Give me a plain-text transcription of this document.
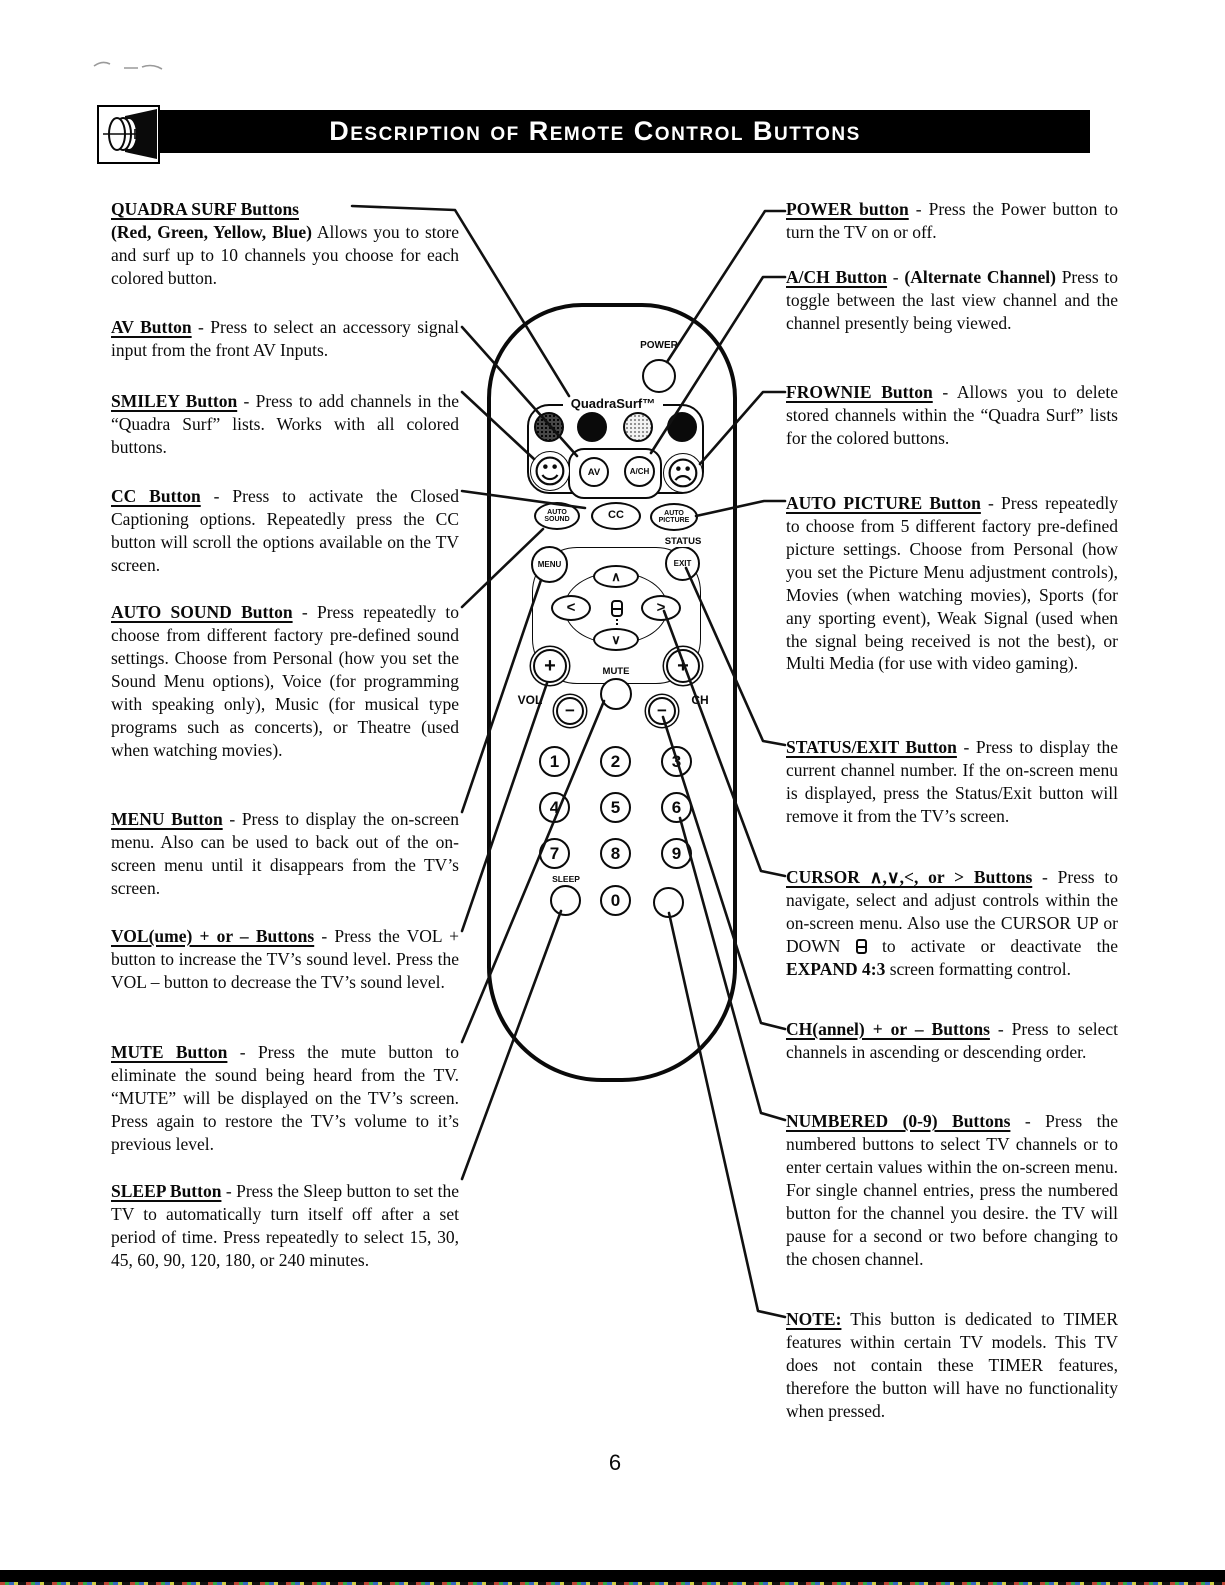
Description of Remote Control Buttons
QUADRA SURF Buttons
(Red, Green, Yellow, Blue) Allows you to store and surf up to 10 channels you choose for each colored button.
AV Button - Press to select an accessory signal input from the front AV Inputs.
SMILEY Button - Press to add channels in the “Quadra Surf” lists. Works with all colored buttons.
CC Button - Press to activate the Closed Captioning options. Repeatedly press the CC button will scroll the options available on the TV screen.
AUTO SOUND Button - Press repeatedly to choose from different factory pre-defined sound settings. Choose from Personal (how you set the Sound Menu options), Voice (for programming with speaking only), Music (for musical type programs such as concerts), or Theatre (used when watching movies).
MENU Button - Press to display the on-screen menu. Also can be used to back out of the on-screen menu until it disappears from the TV’s screen.
VOL(ume) + or – Buttons - Press the VOL + button to increase the TV’s sound level. Press the VOL – button to decrease the TV’s sound level.
MUTE Button - Press the mute button to eliminate the sound being heard from the TV. “MUTE” will be displayed on the TV’s screen. Press again to restore the TV’s volume to it’s previous level.
SLEEP Button - Press the Sleep button to set the TV to automatically turn itself off after a set period of time. Press repeatedly to select 15, 30, 45, 60, 90, 120, 180, or 240 minutes.
POWER button - Press the Power button to turn the TV on or off.
A/CH Button - (Alternate Channel) Press to toggle between the last view channel and the channel presently being viewed.
FROWNIE Button - Allows you to delete stored channels within the “Quadra Surf” lists for the colored buttons.
AUTO PICTURE Button - Press repeatedly to choose from 5 different factory pre-defined picture settings. Choose from Personal (how you set the Picture Menu adjustment controls), Movies (when watching movies), Sports (for any sporting event), Weak Signal (used when the signal being received is not the best), or Multi Media (for use with video gaming).
STATUS/EXIT Button - Press to display the current channel number. If the on-screen menu is displayed, press the Status/Exit button will remove it from the TV’s screen.
CURSOR ∧,∨,<, or > Buttons - Press to navigate, select and adjust controls within the on-screen menu. Also use the CURSOR UP or DOWN  to activate or deactivate the EXPAND 4:3 screen formatting control.
CH(annel) + or – Buttons - Press to select channels in ascending or descending order.
NUMBERED (0-9) Buttons - Press the numbered buttons to select TV channels or to enter certain values within the on-screen menu. For single channel entries, press the numbered button for the channel you desire. the TV will pause for a second or two before changing to the chosen channel.
NOTE: This button is dedicated to TIMER features within certain TV models. This TV does not contain these TIMER features, therefore the button will have no functionality when pressed.
POWER
QuadraSurf™
☺	AV	A/CH ☹
AUTO
SOUND	CC	AUTO
PICTURE
STATUS
MENU	EXIT
∧
∨
<	>
+	+
MUTE
−	−
VOL	CH
1	2	3
4	5	6
7	8	9
SLEEP
0
6
